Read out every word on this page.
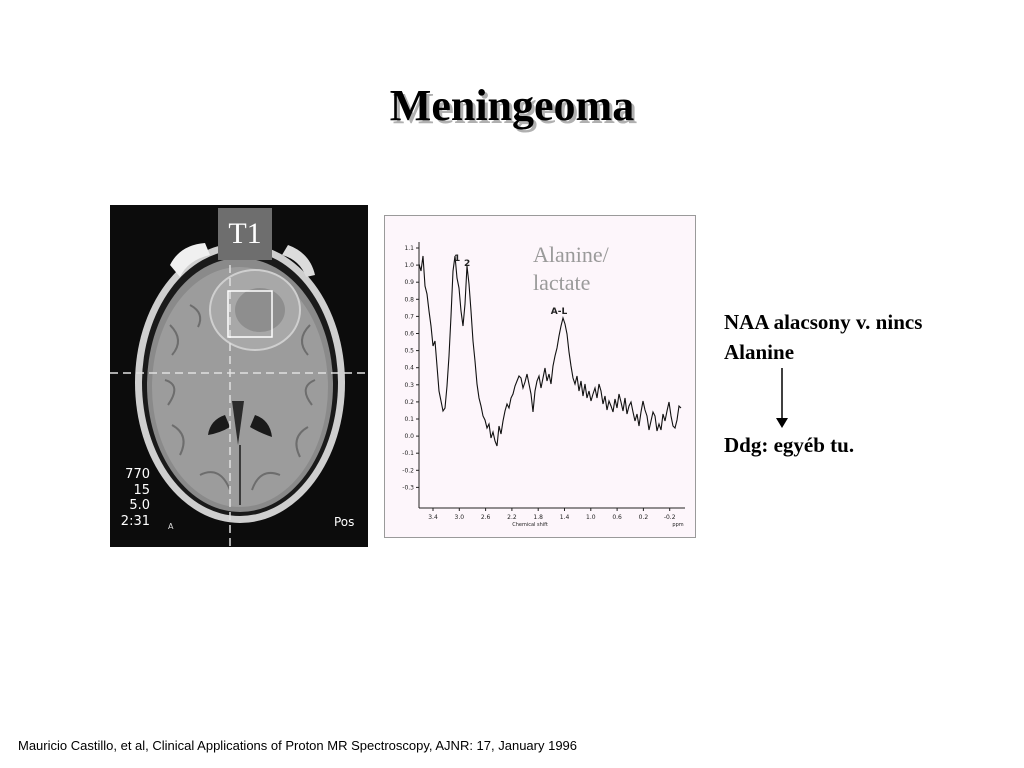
Meningeoma
T1
770
15
5.0
2:31 A	Pos
1.1
1.0
0.9
0.8
0.7
0.6
0.5
0.4
0.3
0.2
0.1
0.0
-0.1
-0.2
-0.3
3.4	3.0	2.6	2.2	1.8	1.4	1.0	0.6	0.2	-0.2
Chemical shift	ppm
1 2
A-L
Alanine/
lactate
NAA alacsony v. nincs
Alanine
Ddg: egyéb tu.
Mauricio Castillo, et al, Clinical Applications of Proton MR Spectroscopy, AJNR: 17, January 1996
